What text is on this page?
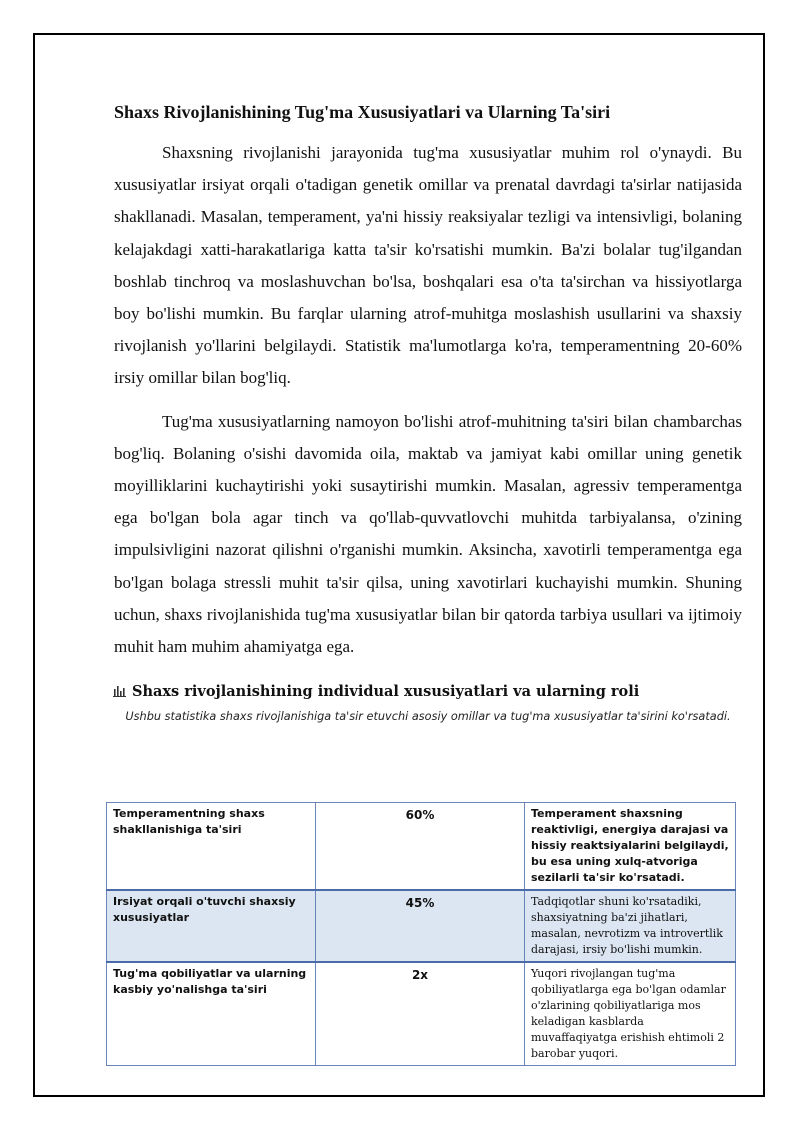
Shaxs Rivojlanishining Tug'ma Xususiyatlari va Ularning Ta'siri

Shaxsning rivojlanishi jarayonida tug'ma xususiyatlar muhim rol o'ynaydi. Bu xususiyatlar irsiyat orqali o'tadigan genetik omillar va prenatal davrdagi ta'sirlar natijasida shakllanadi. Masalan, temperament, ya'ni hissiy reaksiyalar tezligi va intensivligi, bolaning kelajakdagi xatti-harakatlariga katta ta'sir ko'rsatishi mumkin. Ba'zi bolalar tug'ilgandan boshlab tinchroq va moslashuvchan bo'lsa, boshqalari esa o'ta ta'sirchan va hissiyotlarga boy bo'lishi mumkin. Bu farqlar ularning atrof-muhitga moslashish usullarini va shaxsiy rivojlanish yo'llarini belgilaydi. Statistik ma'lumotlarga ko'ra, temperamentning 20-60% irsiy omillar bilan bog'liq.

Tug'ma xususiyatlarning namoyon bo'lishi atrof-muhitning ta'siri bilan chambarchas bog'liq. Bolaning o'sishi davomida oila, maktab va jamiyat kabi omillar uning genetik moyilliklarini kuchaytirishi yoki susaytirishi mumkin. Masalan, agressiv temperamentga ega bo'lgan bola agar tinch va qo'llab-quvvatlovchi muhitda tarbiyalansa, o'zining impulsivligini nazorat qilishni o'rganishi mumkin. Aksincha, xavotirli temperamentga ega bo'lgan bolaga stressli muhit ta'sir qilsa, uning xavotirlari kuchayishi mumkin. Shuning uchun, shaxs rivojlanishida tug'ma xususiyatlar bilan bir qatorda tarbiya usullari va ijtimoiy muhit ham muhim ahamiyatga ega.

Shaxs rivojlanishining individual xususiyatlari va ularning roli
Ushbu statistika shaxs rivojlanishiga ta'sir etuvchi asosiy omillar va tug'ma xususiyatlar ta'sirini ko'rsatadi.
Temperamentning shaxs shakllanishiga ta'siri	60%	Temperament shaxsning reaktivligi, energiya darajasi va hissiy reaktsiyalarini belgilaydi, bu esa uning xulq-atvoriga sezilarli ta'sir ko'rsatadi.
Irsiyat orqali o'tuvchi shaxsiy xususiyatlar	45%	Tadqiqotlar shuni ko'rsatadiki, shaxsiyatning ba'zi jihatlari, masalan, nevrotizm va introvertlik darajasi, irsiy bo'lishi mumkin.
Tug'ma qobiliyatlar va ularning kasbiy yo'nalishga ta'siri	2x	Yuqori rivojlangan tug'ma qobiliyatlarga ega bo'lgan odamlar o'zlarining qobiliyatlariga mos keladigan kasblarda muvaffaqiyatga erishish ehtimoli 2 barobar yuqori.
